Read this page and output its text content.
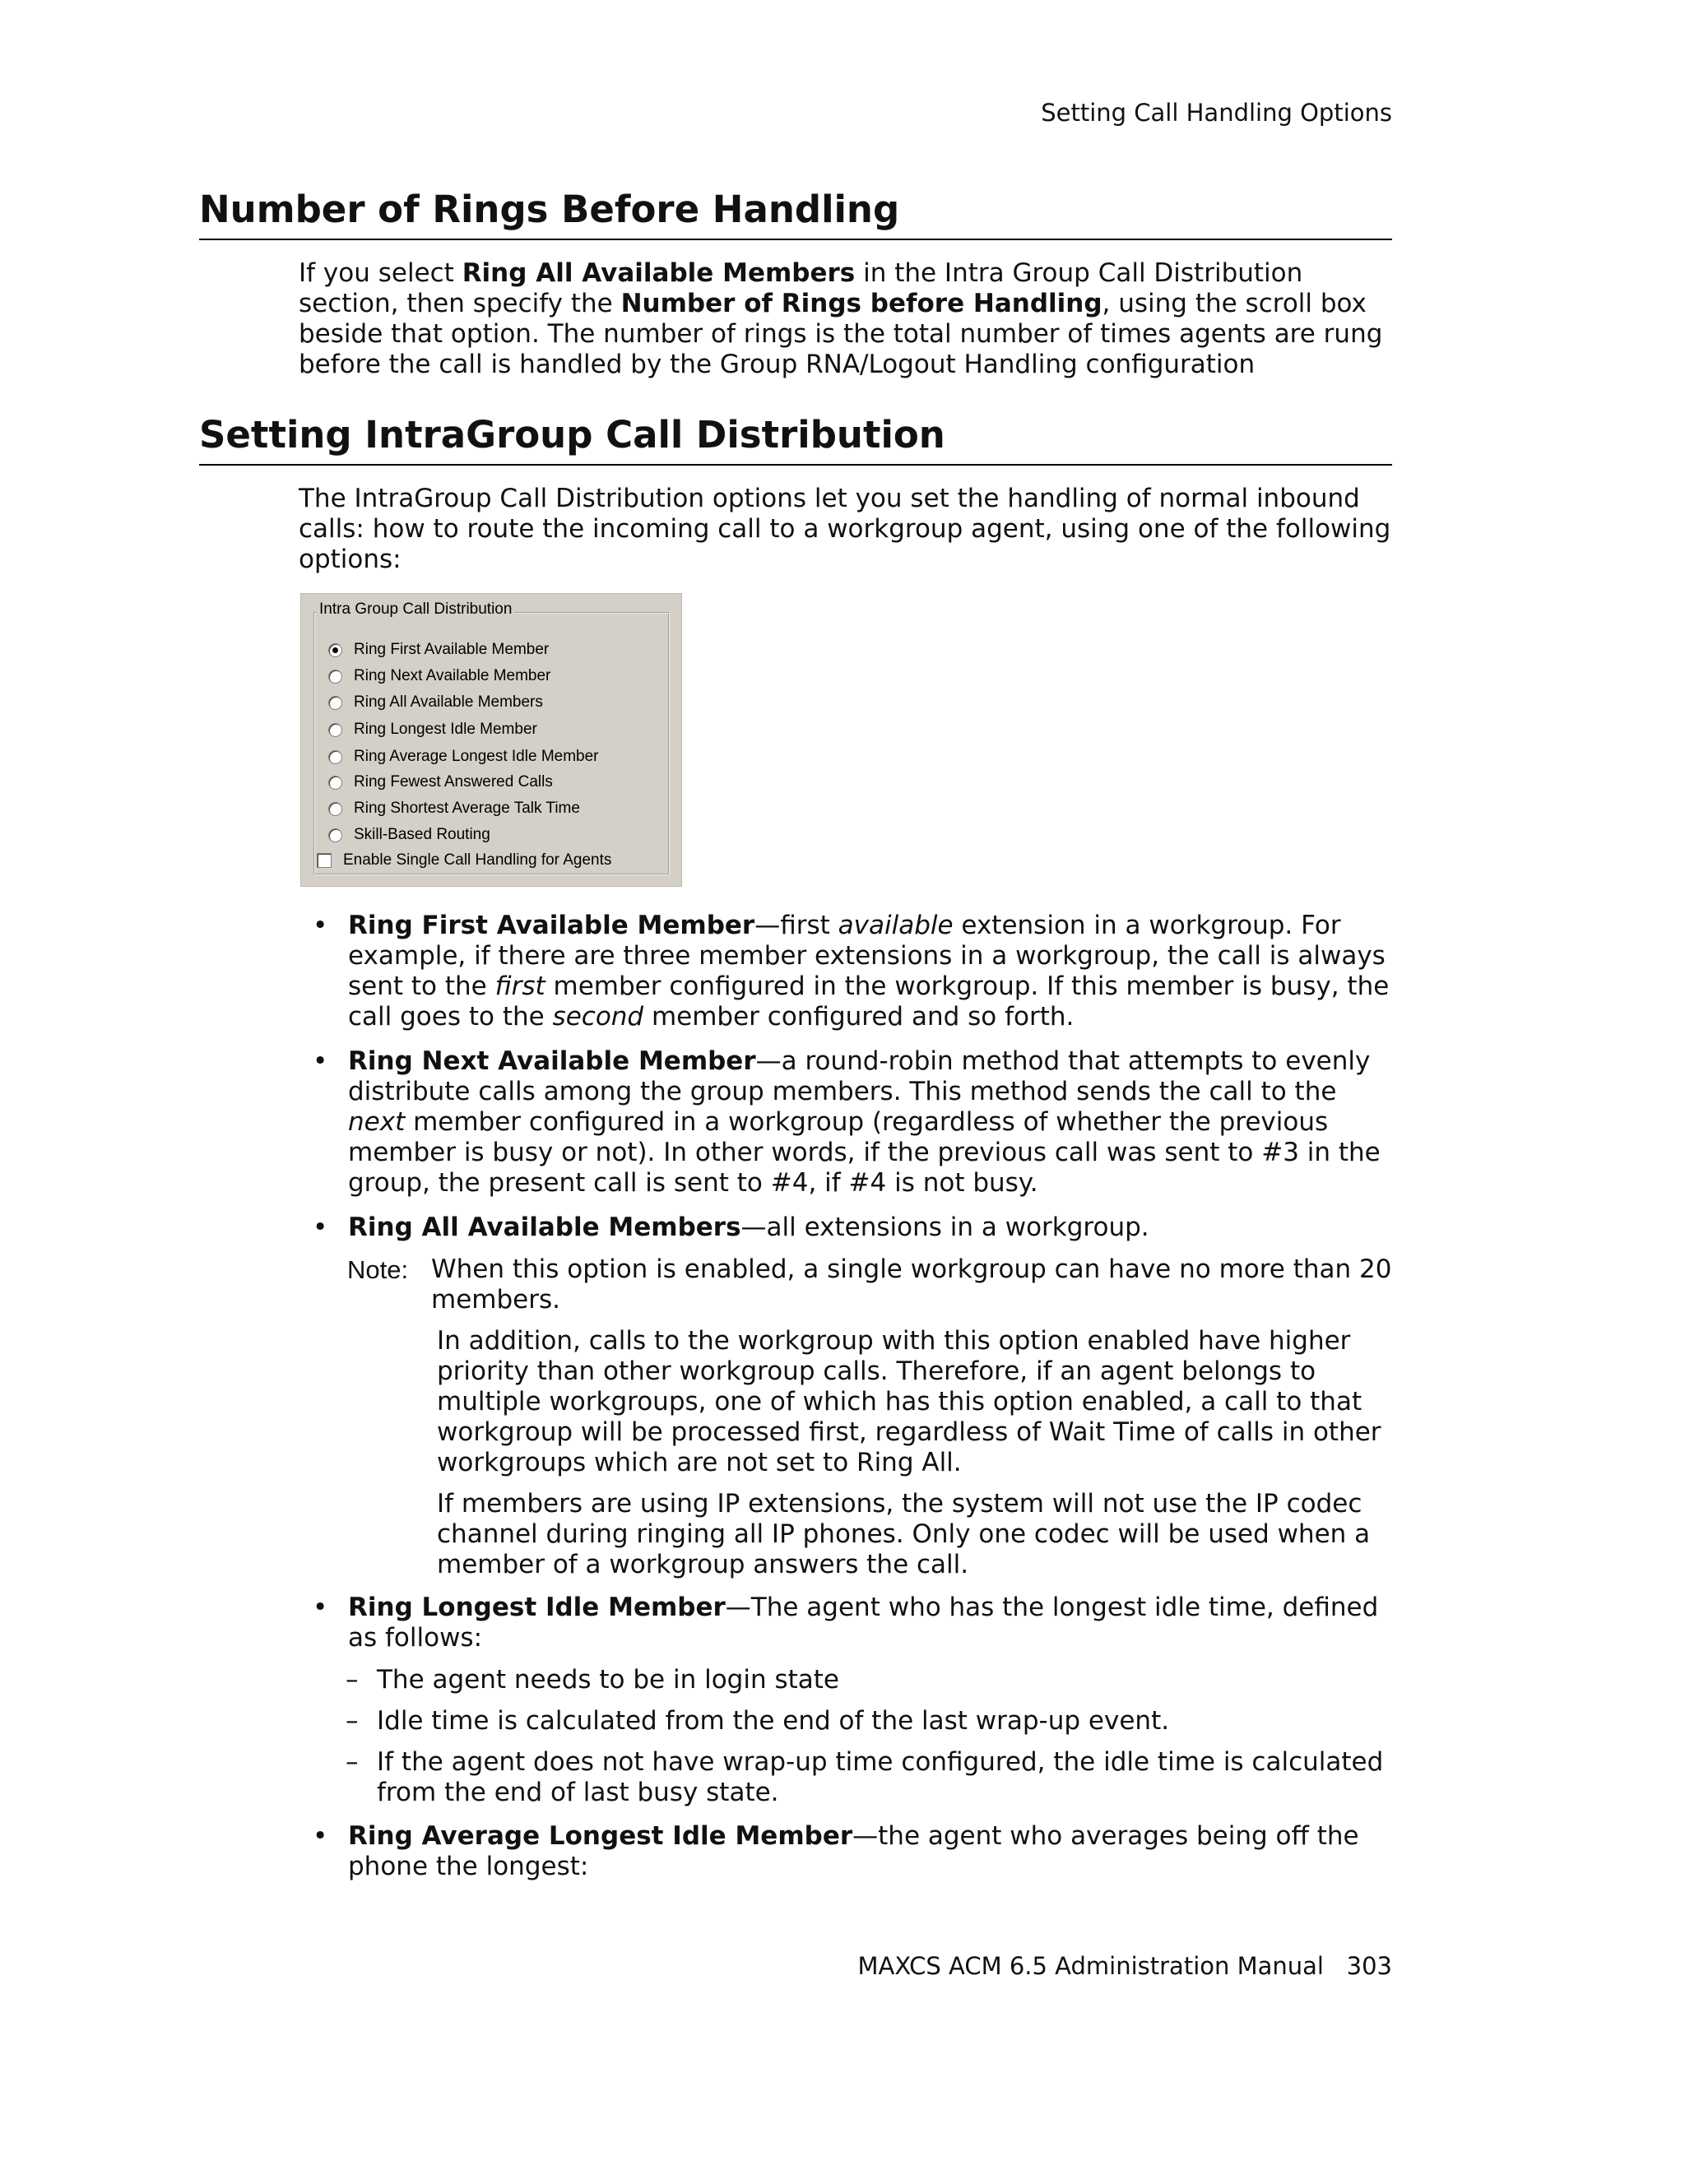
Setting Call Handling Options
Number of Rings Before Handling

If you select Ring All Available Members in the Intra Group Call Distribution section, then specify the Number of Rings before Handling, using the scroll box beside that option. The number of rings is the total number of times agents are rung before the call is handled by the Group RNA/Logout Handling configuration

Setting IntraGroup Call Distribution

The IntraGroup Call Distribution options let you set the handling of normal inbound calls: how to route the incoming call to a workgroup agent, using one of the following options:

Intra Group Call Distribution
Ring First Available Member
Ring Next Available Member
Ring All Available Members
Ring Longest Idle Member
Ring Average Longest Idle Member
Ring Fewest Answered Calls
Ring Shortest Average Talk Time
Skill-Based Routing
Enable Single Call Handling for Agents
• Ring First Available Member—first available extension in a workgroup. For example, if there are three member extensions in a workgroup, the call is always sent to the first member configured in the workgroup. If this member is busy, the call goes to the second member configured and so forth.
• Ring Next Available Member—a round-robin method that attempts to evenly distribute calls among the group members. This method sends the call to the next member configured in a workgroup (regardless of whether the previous member is busy or not). In other words, if the previous call was sent to #3 in the group, the present call is sent to #4, if #4 is not busy.
• Ring All Available Members—all extensions in a workgroup.
Note: When this option is enabled, a single workgroup can have no more than 20 members.
In addition, calls to the workgroup with this option enabled have higher priority than other workgroup calls. Therefore, if an agent belongs to multiple workgroups, one of which has this option enabled, a call to that workgroup will be processed first, regardless of Wait Time of calls in other workgroups which are not set to Ring All.
If members are using IP extensions, the system will not use the IP codec channel during ringing all IP phones. Only one codec will be used when a member of a workgroup answers the call.
• Ring Longest Idle Member—The agent who has the longest idle time, defined as follows:
– The agent needs to be in login state
– Idle time is calculated from the end of the last wrap-up event.
– If the agent does not have wrap-up time configured, the idle time is calculated from the end of last busy state.
• Ring Average Longest Idle Member—the agent who averages being off the phone the longest:
MAXCS ACM 6.5 Administration Manual 303
